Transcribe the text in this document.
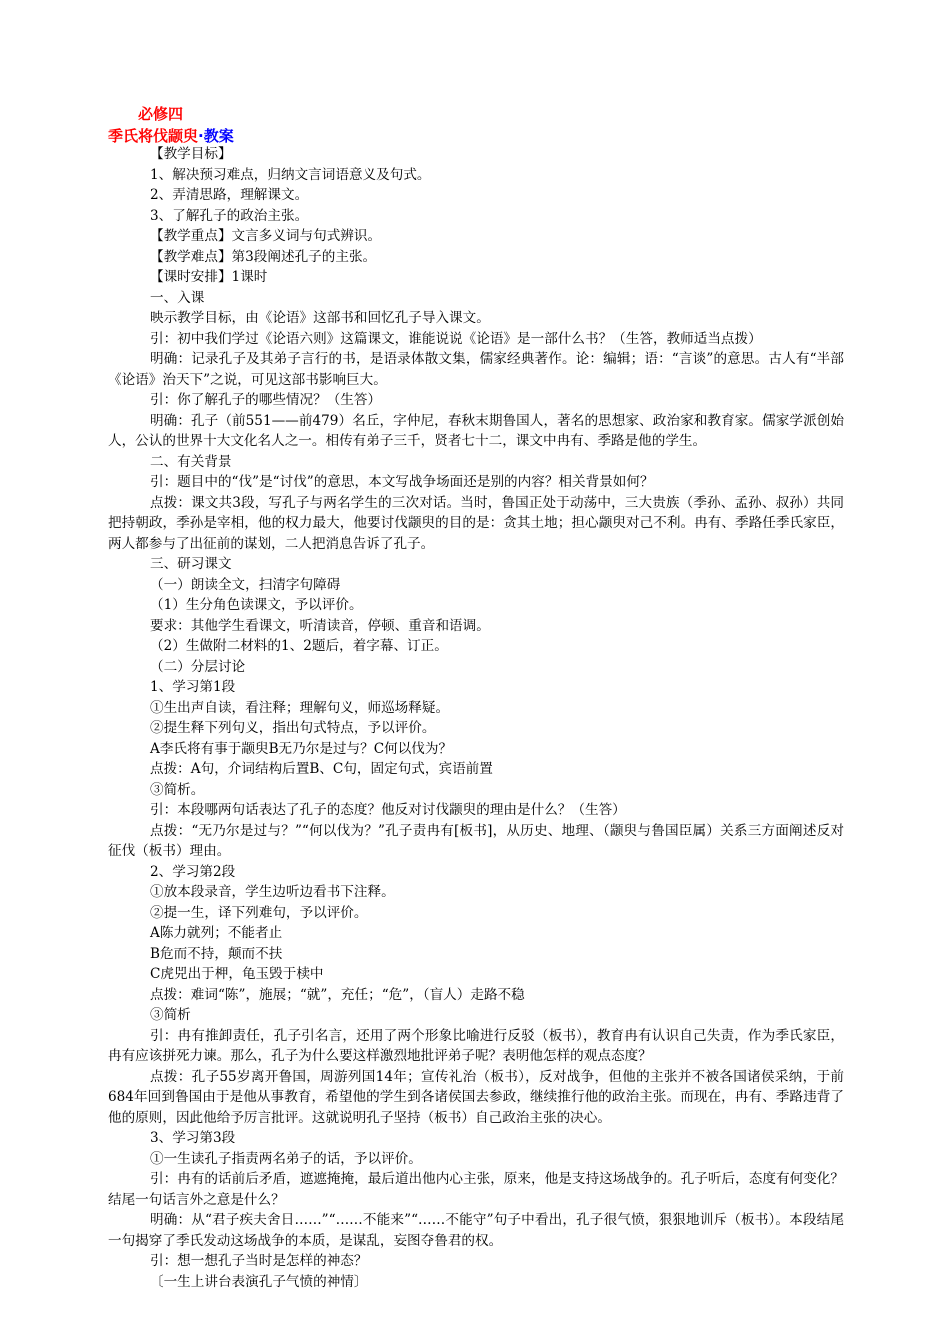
必修四
季氏将伐颛臾·教案

【教学目标】

1、解决预习难点，归纳文言词语意义及句式。

2、弄清思路，理解课文。

3、了解孔子的政治主张。

【教学重点】文言多义词与句式辨识。

【教学难点】第3段阐述孔子的主张。

【课时安排】1课时

一、入课

映示教学目标，由《论语》这部书和回忆孔子导入课文。

引：初中我们学过《论语六则》这篇课文，谁能说说《论语》是一部什么书？（生答，教师适当点拨）

明确：记录孔子及其弟子言行的书，是语录体散文集，儒家经典著作。论：编辑；语：“言谈”的意思。古人有“半部《论语》治天下”之说，可见这部书影响巨大。

引：你了解孔子的哪些情况？（生答）

明确：孔子（前551——前479）名丘，字仲尼，春秋末期鲁国人，著名的思想家、政治家和教育家。儒家学派创始人，公认的世界十大文化名人之一。相传有弟子三千，贤者七十二，课文中冉有、季路是他的学生。

二、有关背景

引：题目中的“伐”是“讨伐”的意思，本文写战争场面还是别的内容？相关背景如何？

点拨：课文共3段，写孔子与两名学生的三次对话。当时，鲁国正处于动荡中，三大贵族（季孙、孟孙、叔孙）共同把持朝政，季孙是宰相，他的权力最大，他要讨伐颛臾的目的是：贪其土地；担心颛臾对己不利。冉有、季路任季氏家臣，两人都参与了出征前的谋划，二人把消息告诉了孔子。

三、研习课文

（一）朗读全文，扫清字句障碍

（1）生分角色读课文，予以评价。

要求：其他学生看课文，听清读音，停顿、重音和语调。

（2）生做附二材料的1、2题后，着字幕、订正。

（二）分层讨论

1、学习第1段

①生出声自读，看注释；理解句义，师巡场释疑。

②提生释下列句义，指出句式特点，予以评价。

A李氏将有事于颛臾B无乃尔是过与？C何以伐为？

点拨：A句，介词结构后置B、C句，固定句式，宾语前置

③简析。

引：本段哪两句话表达了孔子的态度？他反对讨伐颛臾的理由是什么？（生答）

点拨：“无乃尔是过与？”“何以伐为？”孔子责冉有[板书]，从历史、地理、（颛臾与鲁国臣属）关系三方面阐述反对征伐（板书）理由。

2、学习第2段

①放本段录音，学生边听边看书下注释。

②提一生，译下列难句，予以评价。

A陈力就列；不能者止

B危而不持，颠而不扶

C虎兕出于柙，龟玉毁于椟中

点拨：难词“陈”，施展；“就”，充任；“危”，（盲人）走路不稳

③简析

引：冉有推卸责任，孔子引名言，还用了两个形象比喻进行反驳（板书），教育冉有认识自己失责，作为季氏家臣，冉有应该拼死力谏。那么，孔子为什么要这样激烈地批评弟子呢？表明他怎样的观点态度？

点拨：孔子55岁离开鲁国，周游列国14年；宣传礼治（板书），反对战争，但他的主张并不被各国诸侯采纳，于前684年回到鲁国由于是他从事教育，希望他的学生到各诸侯国去参政，继续推行他的政治主张。而现在，冉有、季路违背了他的原则，因此他给予厉言批评。这就说明孔子坚持（板书）自己政治主张的决心。

3、学习第3段

①一生读孔子指责两名弟子的话，予以评价。

引：冉有的话前后矛盾，遮遮掩掩，最后道出他内心主张，原来，他是支持这场战争的。孔子听后，态度有何变化？结尾一句话言外之意是什么？

明确：从“君子疾夫舍日……”“……不能来”“……不能守”句子中看出，孔子很气愤，狠狠地训斥（板书）。本段结尾一句揭穿了季氏发动这场战争的本质，是谋乱，妄图夺鲁君的权。

引：想一想孔子当时是怎样的神态？

〔一生上讲台表演孔子气愤的神情〕
